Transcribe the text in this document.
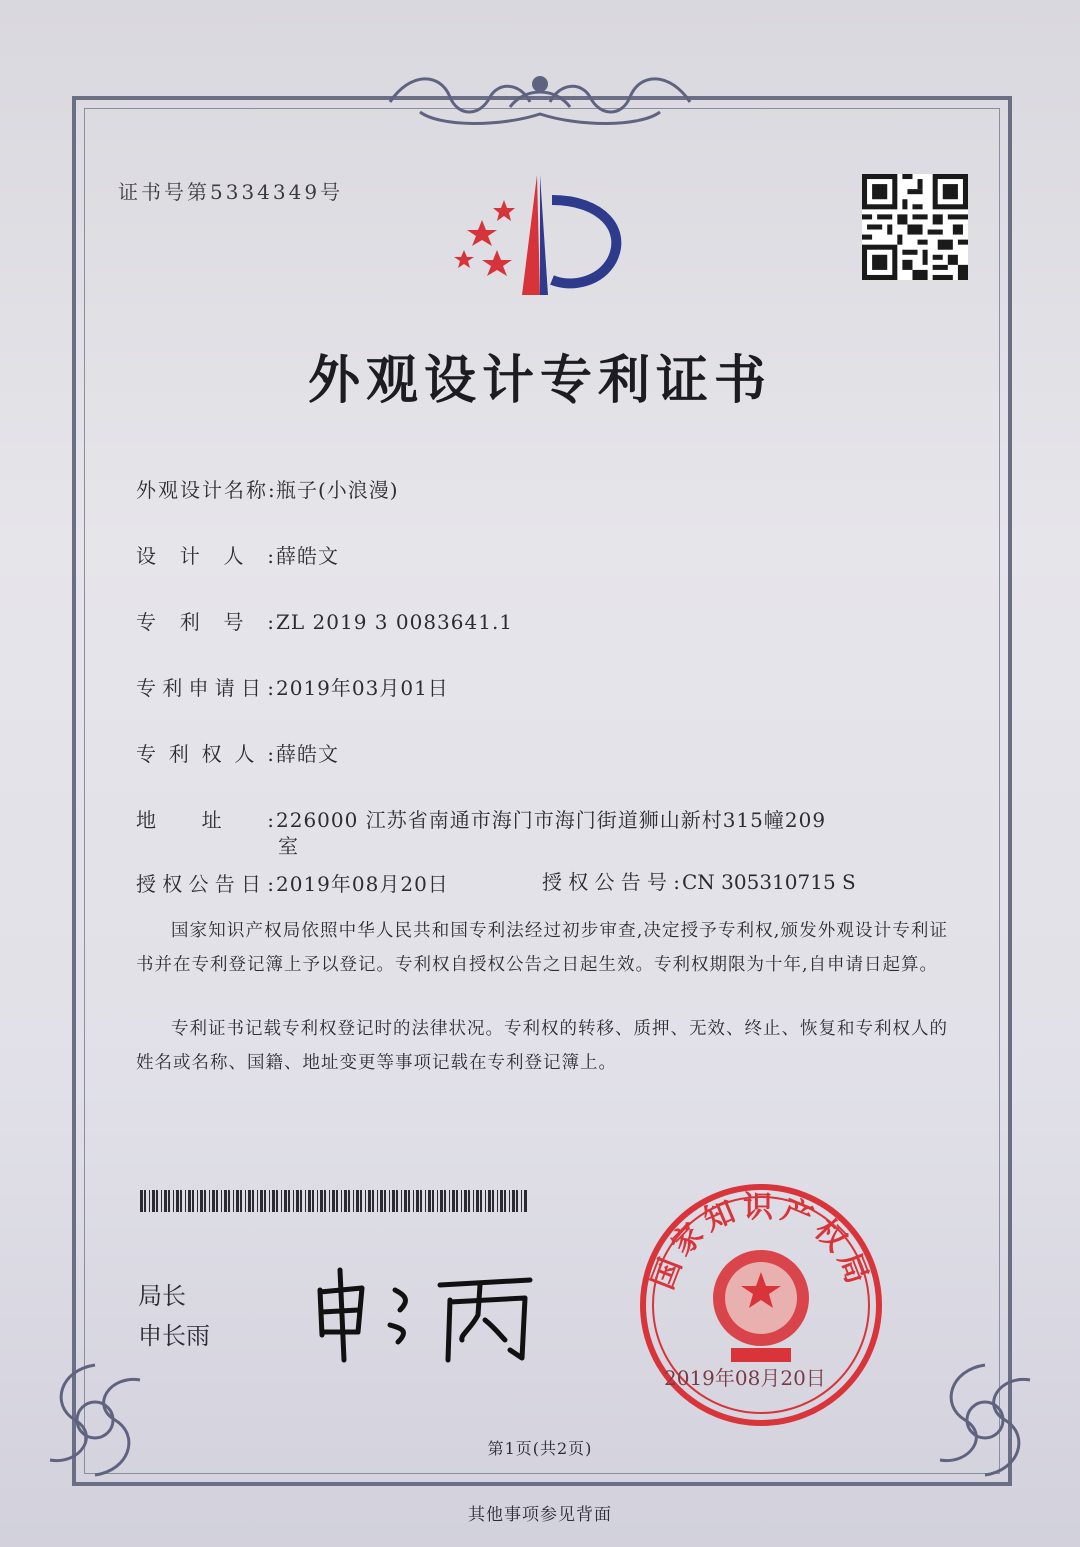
证书号第5334349号
外观设计专利证书
外观设计名称:瓶子(小浪漫)
设计人:薛皓文
专利号:ZL 2019 3 0083641.1
专利申请日:2019年03月01日
专利权人:薛皓文
地址:226000 江苏省南通市海门市海门街道狮山新村315幢209
室
授权公告日:2019年08月20日	授权公告号:CN 305310715 S
国家知识产权局依照中华人民共和国专利法经过初步审查,决定授予专利权,颁发外观设计专利证书并在专利登记簿上予以登记。专利权自授权公告之日起生效。专利权期限为十年,自申请日起算。
专利证书记载专利权登记时的法律状况。专利权的转移、质押、无效、终止、恢复和专利权人的姓名或名称、国籍、地址变更等事项记载在专利登记簿上。
局长
申长雨
国家知识产权局
2019年08月20日
第1页(共2页)
其他事项参见背面
